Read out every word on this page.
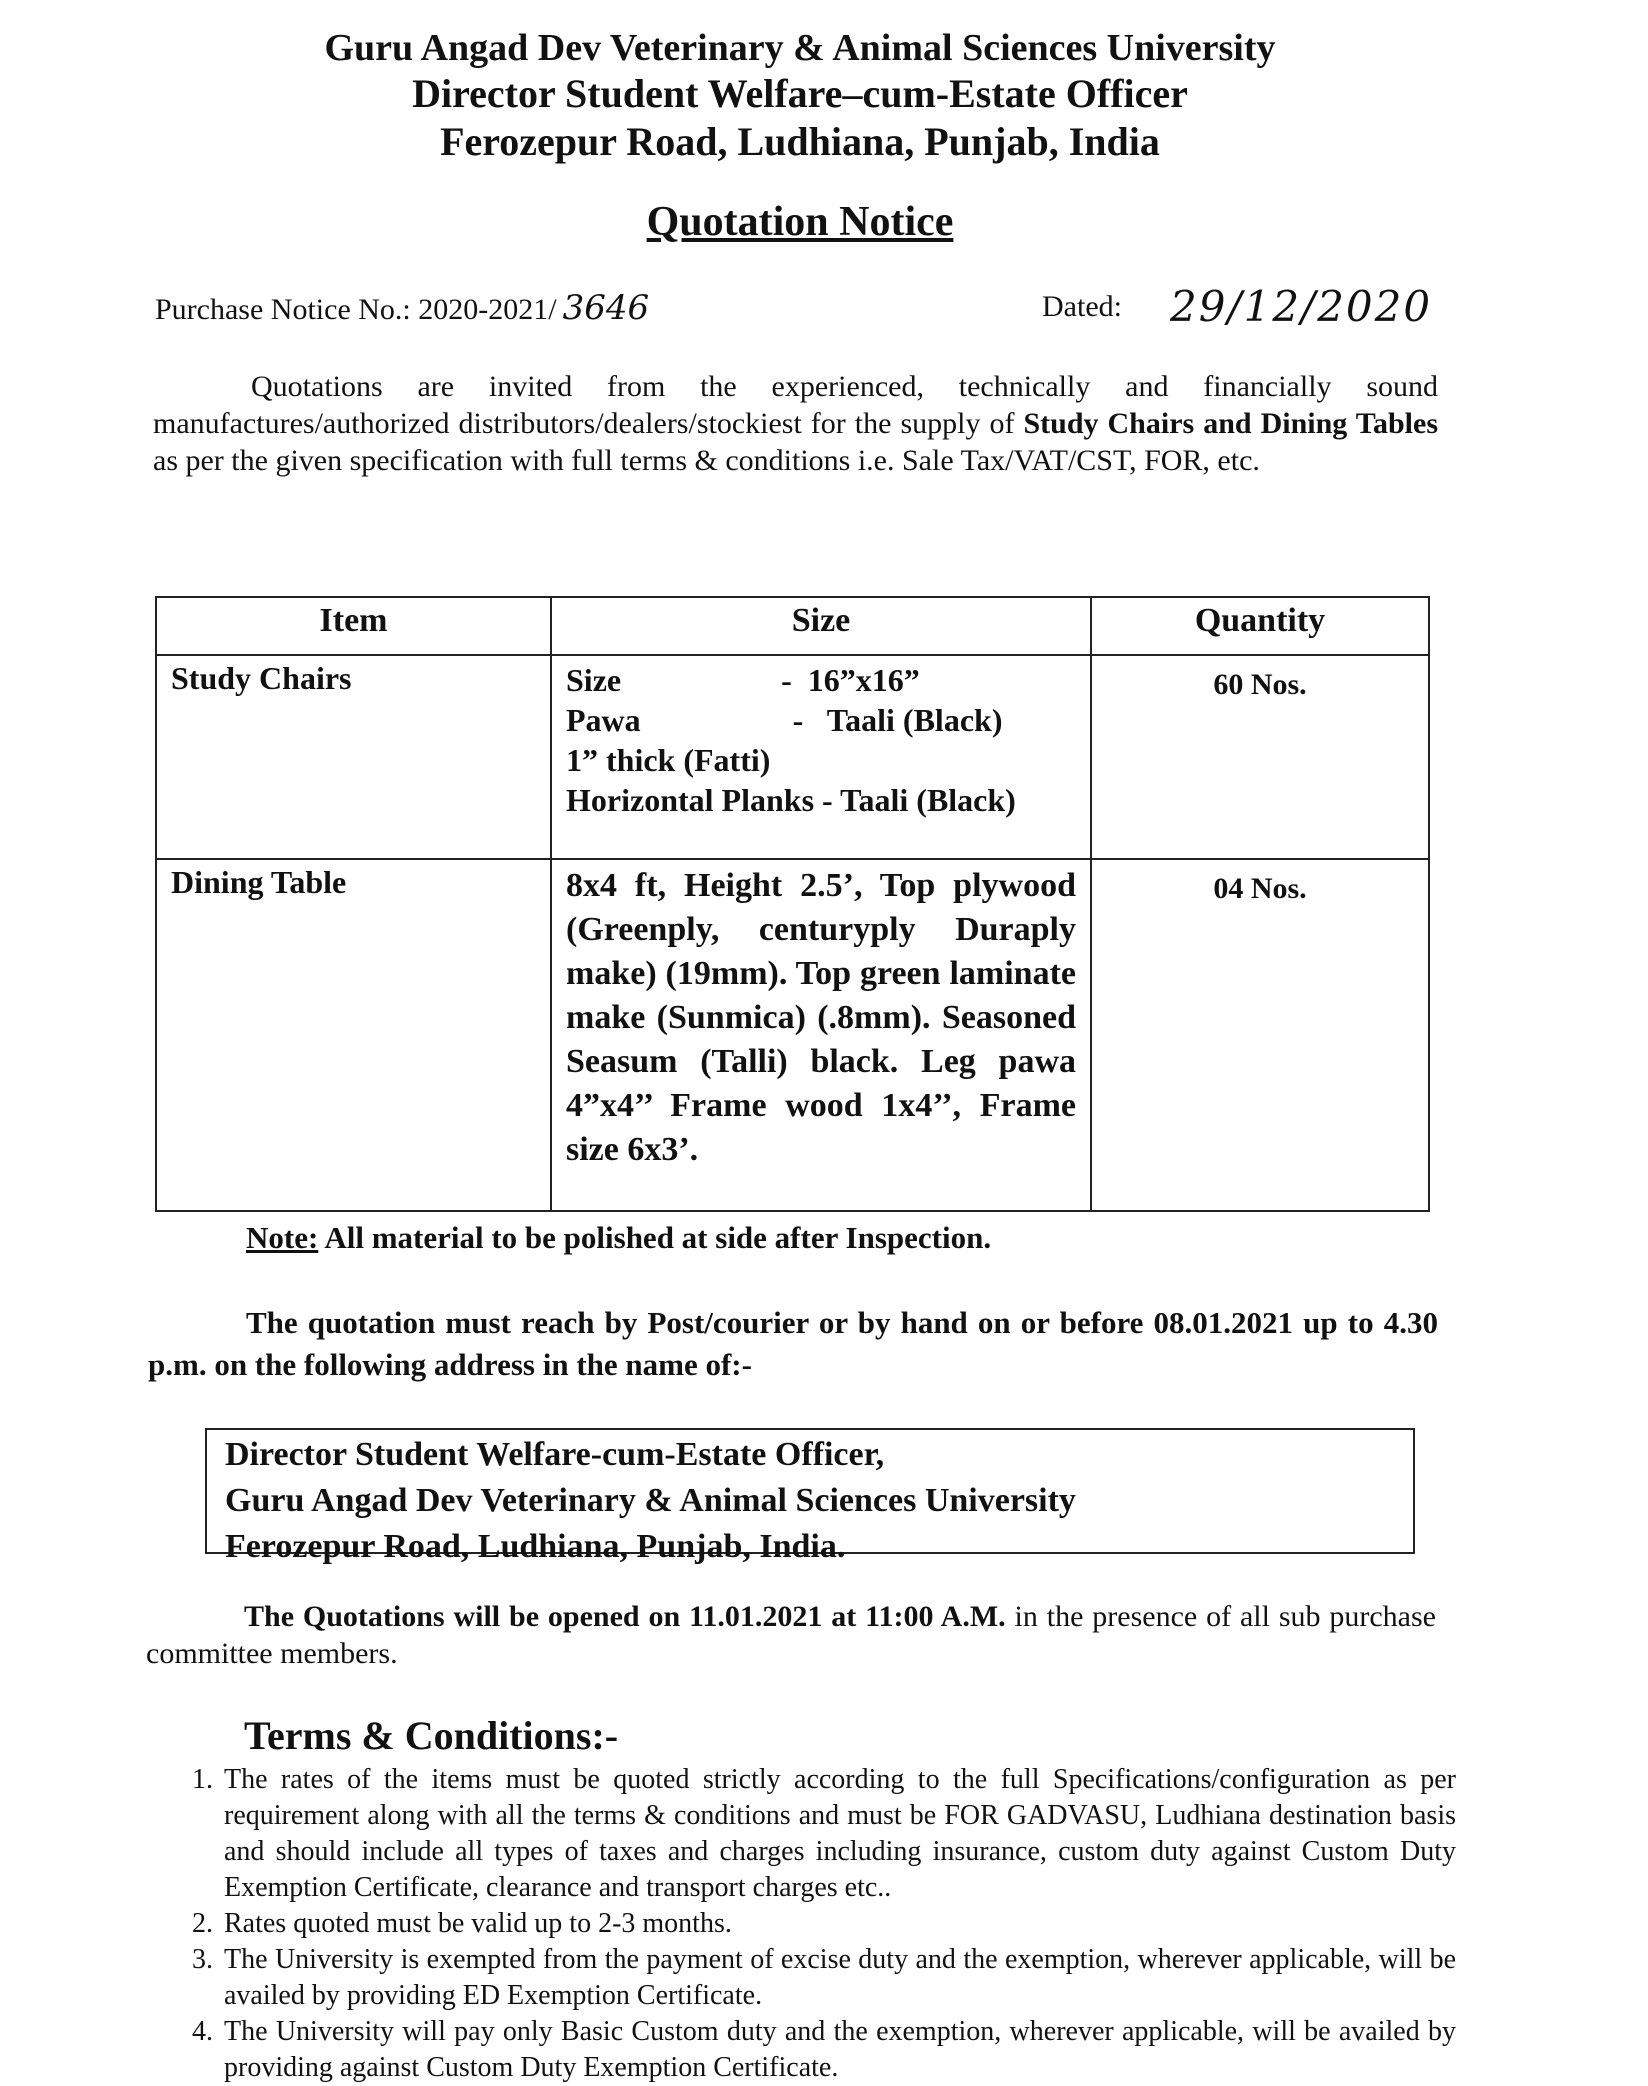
Guru Angad Dev Veterinary & Animal Sciences University
Director Student Welfare–cum-Estate Officer
Ferozepur Road, Ludhiana, Punjab, India
Quotation Notice
Purchase Notice No.: 2020-2021/ 3646	Dated: 29/12/2020
Quotations are invited from the experienced, technically and financially sound manufactures/authorized distributors/dealers/stockiest for the supply of Study Chairs and Dining Tables as per the given specification with full terms & conditions i.e. Sale Tax/VAT/CST, FOR, etc.
Item	Size	Quantity
Study Chairs	Size                    -  16”x16”
Pawa                   -   Taali (Black)
1” thick (Fatti)
Horizontal Planks - Taali (Black)	60 Nos.
Dining Table	8x4 ft, Height 2.5’, Top plywood (Greenply, centuryply Duraply make) (19mm). Top green laminate make (Sunmica) (.8mm). Seasoned Seasum (Talli) black. Leg pawa 4”x4’’ Frame wood 1x4’’, Frame size 6x3’.	04 Nos.
Note: All material to be polished at side after Inspection.
The quotation must reach by Post/courier or by hand on or before 08.01.2021 up to 4.30 p.m. on the following address in the name of:-
Director Student Welfare-cum-Estate Officer,
Guru Angad Dev Veterinary & Animal Sciences University
Ferozepur Road, Ludhiana, Punjab, India.
The Quotations will be opened on 11.01.2021 at 11:00 A.M. in the presence of all sub purchase committee members.
Terms & Conditions:-
1. The rates of the items must be quoted strictly according to the full Specifications/configuration as per requirement along with all the terms & conditions and must be FOR GADVASU, Ludhiana destination basis and should include all types of taxes and charges including insurance, custom duty against Custom Duty Exemption Certificate, clearance and transport charges etc..
2. Rates quoted must be valid up to 2-3 months.
3. The University is exempted from the payment of excise duty and the exemption, wherever applicable, will be availed by providing ED Exemption Certificate.
4. The University will pay only Basic Custom duty and the exemption, wherever applicable, will be availed by providing against Custom Duty Exemption Certificate.
